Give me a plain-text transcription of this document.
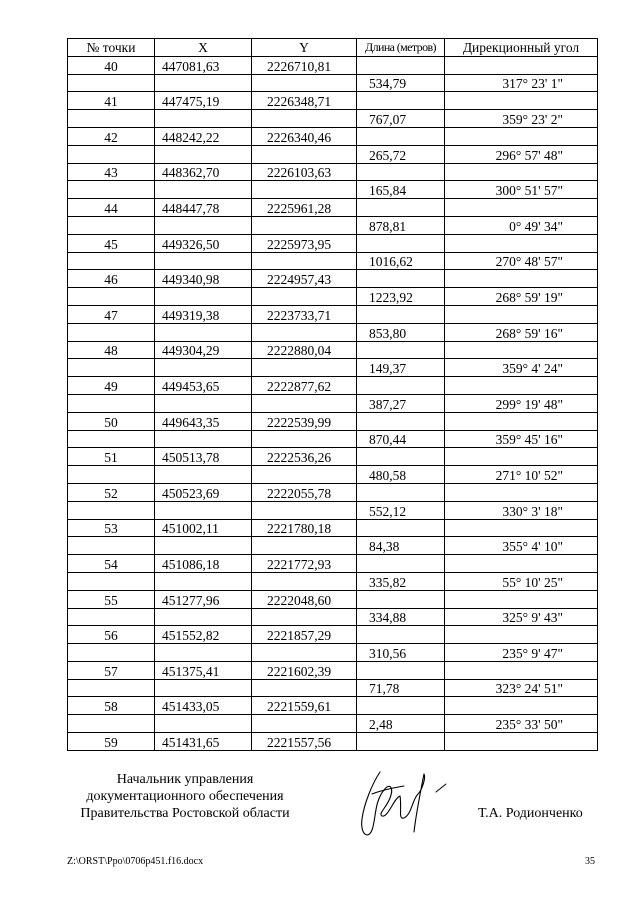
№ точки	X	Y	Длина (метров)	Дирекционный угол
40	447081,63	2226710,81		
			534,79	317° 23' 1"
41	447475,19	2226348,71		
			767,07	359° 23' 2"
42	448242,22	2226340,46		
			265,72	296° 57' 48"
43	448362,70	2226103,63		
			165,84	300° 51' 57"
44	448447,78	2225961,28		
			878,81	0° 49' 34"
45	449326,50	2225973,95		
			1016,62	270° 48' 57"
46	449340,98	2224957,43		
			1223,92	268° 59' 19"
47	449319,38	2223733,71		
			853,80	268° 59' 16"
48	449304,29	2222880,04		
			149,37	359° 4' 24"
49	449453,65	2222877,62		
			387,27	299° 19' 48"
50	449643,35	2222539,99		
			870,44	359° 45' 16"
51	450513,78	2222536,26		
			480,58	271° 10' 52"
52	450523,69	2222055,78		
			552,12	330° 3' 18"
53	451002,11	2221780,18		
			84,38	355° 4' 10"
54	451086,18	2221772,93		
			335,82	55° 10' 25"
55	451277,96	2222048,60		
			334,88	325° 9' 43"
56	451552,82	2221857,29		
			310,56	235° 9' 47"
57	451375,41	2221602,39		
			71,78	323° 24' 51"
58	451433,05	2221559,61		
			2,48	235° 33' 50"
59	451431,65	2221557,56		
Начальник управления
документационного обеспечения
Правительства Ростовской области	Т.А. Родионченко
Z:\ORST\Ppo\0706p451.f16.docx	35
